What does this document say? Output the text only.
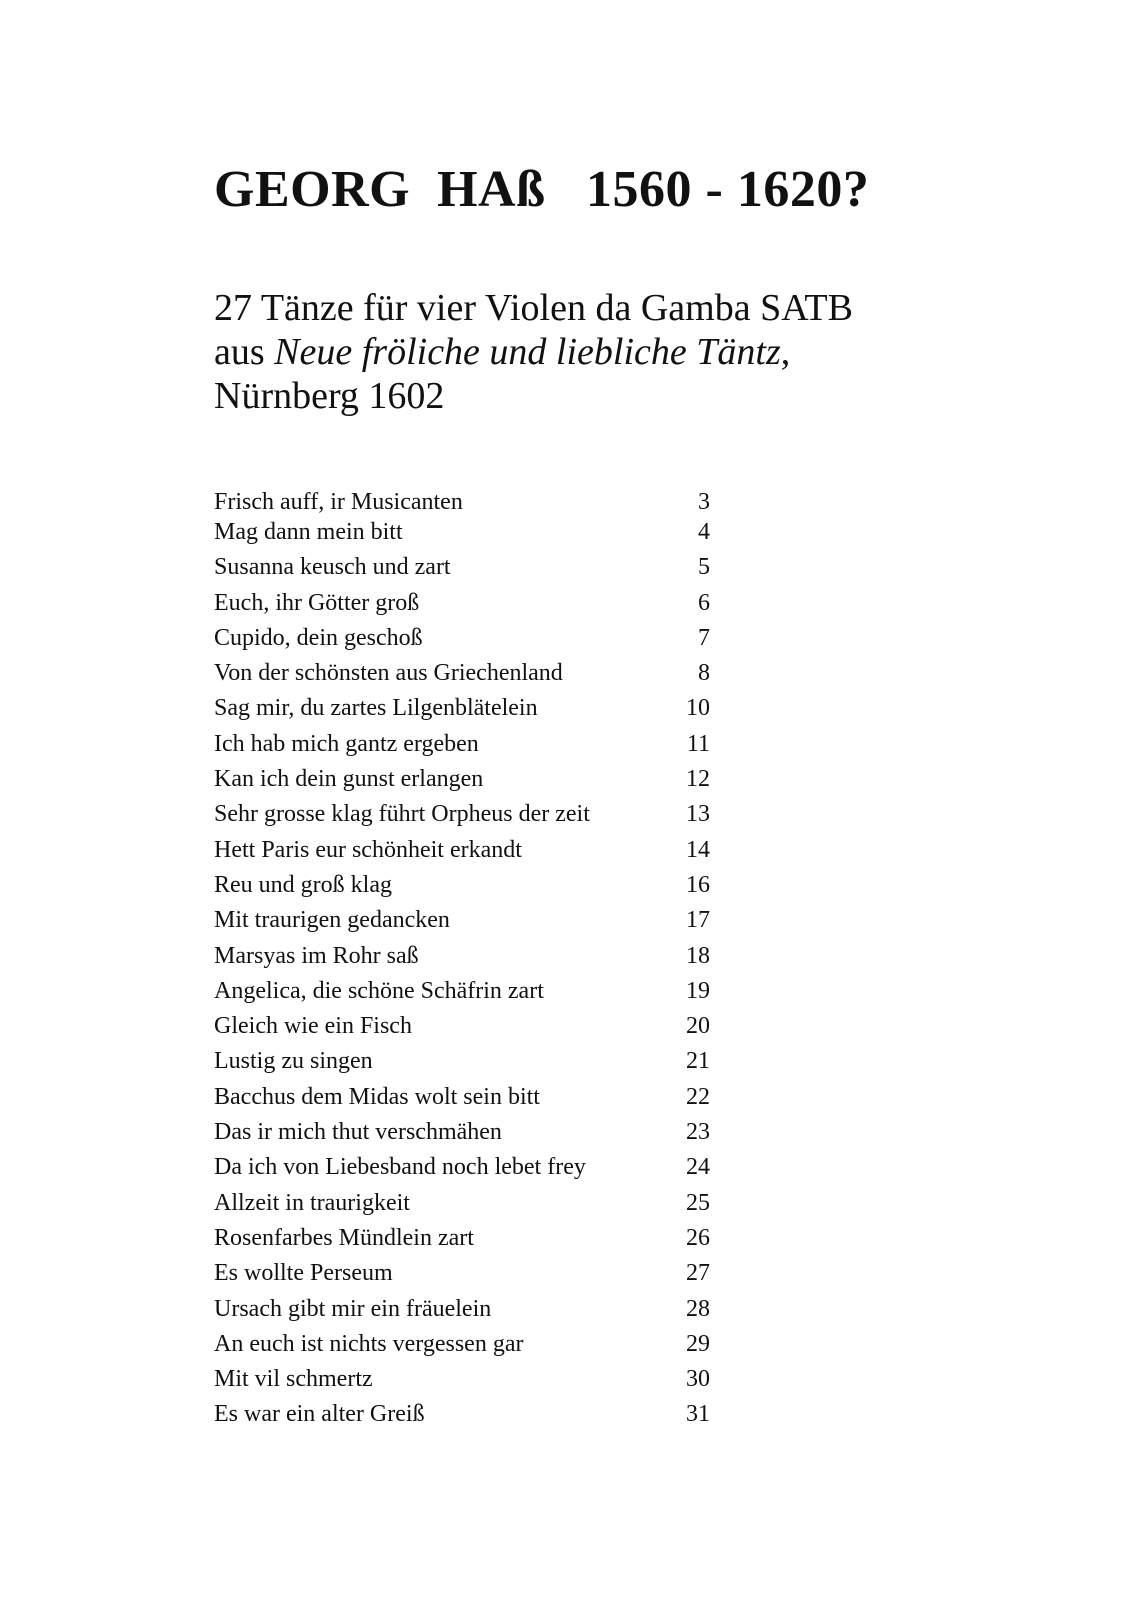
GEORG  HAß   1560 - 1620?
27 Tänze für vier Violen da Gamba SATB
aus Neue fröliche und liebliche Täntz,
Nürnberg 1602
Frisch auff, ir Musicanten	3
Mag dann mein bitt	4
Susanna keusch und zart	5
Euch, ihr Götter groß	6
Cupido, dein geschoß	7
Von der schönsten aus Griechenland	8
Sag mir, du zartes Lilgenblätelein	10
Ich hab mich gantz ergeben	11
Kan ich dein gunst erlangen	12
Sehr grosse klag führt Orpheus der zeit	13
Hett Paris eur schönheit erkandt	14
Reu und groß klag	16
Mit traurigen gedancken	17
Marsyas im Rohr saß	18
Angelica, die schöne Schäfrin zart	19
Gleich wie ein Fisch	20
Lustig zu singen	21
Bacchus dem Midas wolt sein bitt	22
Das ir mich thut verschmähen	23
Da ich von Liebesband noch lebet frey	24
Allzeit in traurigkeit	25
Rosenfarbes Mündlein zart	26
Es wollte Perseum	27
Ursach gibt mir ein fräuelein	28
An euch ist nichts vergessen gar	29
Mit vil schmertz	30
Es war ein alter Greiß	31
